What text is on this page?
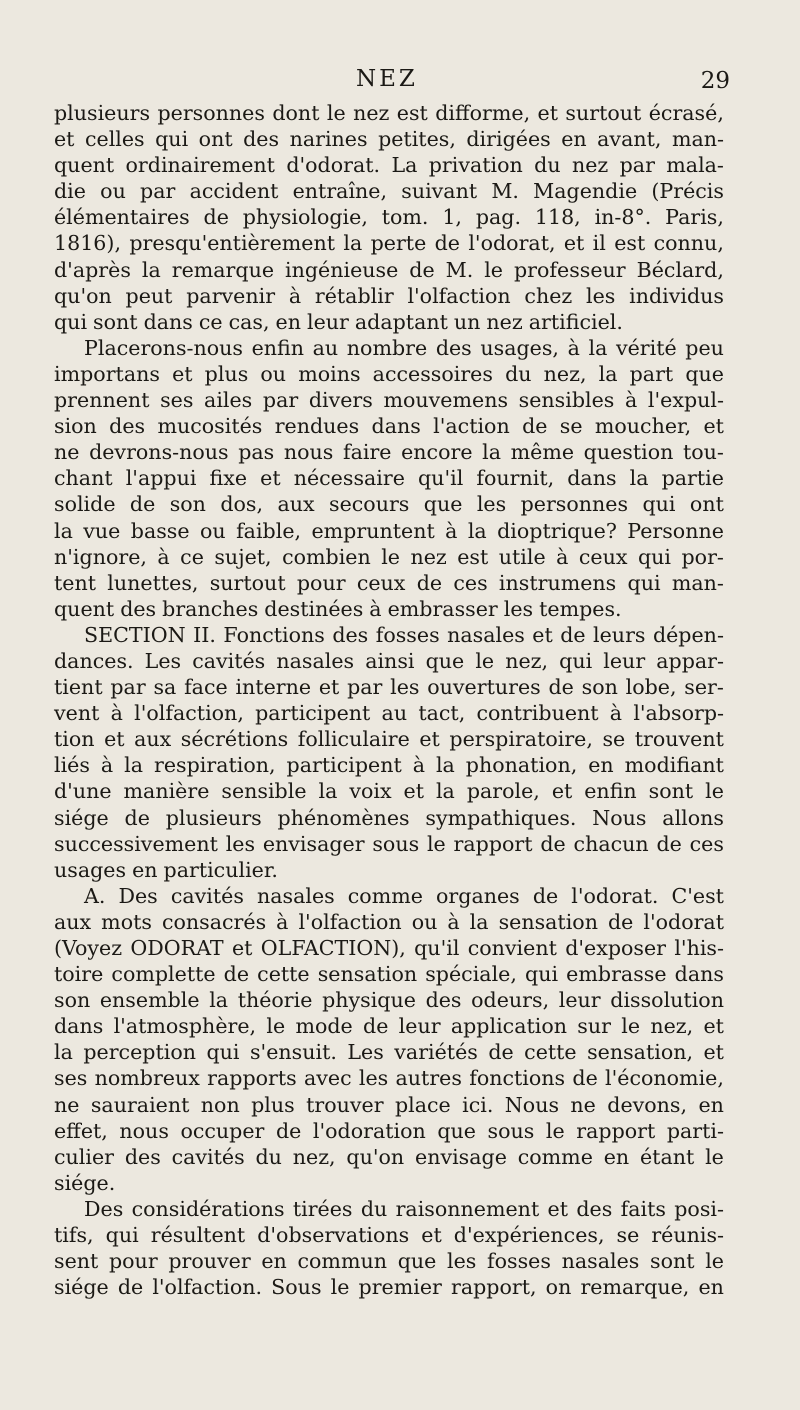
NEZ	29
plusieurs personnes dont le nez est difforme, et surtout écrasé,
et celles qui ont des narines petites, dirigées en avant, man-
quent ordinairement d'odorat. La privation du nez par mala-
die ou par accident entraîne, suivant M. Magendie (Précis
élémentaires de physiologie, tom. 1, pag. 118, in-8°. Paris,
1816), presqu'entièrement la perte de l'odorat, et il est connu,
d'après la remarque ingénieuse de M. le professeur Béclard,
qu'on peut parvenir à rétablir l'olfaction chez les individus
qui sont dans ce cas, en leur adaptant un nez artificiel.
Placerons-nous enfin au nombre des usages, à la vérité peu
importans et plus ou moins accessoires du nez, la part que
prennent ses ailes par divers mouvemens sensibles à l'expul-
sion des mucosités rendues dans l'action de se moucher, et
ne devrons-nous pas nous faire encore la même question tou-
chant l'appui fixe et nécessaire qu'il fournit, dans la partie
solide de son dos, aux secours que les personnes qui ont
la vue basse ou faible, empruntent à la dioptrique? Personne
n'ignore, à ce sujet, combien le nez est utile à ceux qui por-
tent lunettes, surtout pour ceux de ces instrumens qui man-
quent des branches destinées à embrasser les tempes.
SECTION II. Fonctions des fosses nasales et de leurs dépen-
dances. Les cavités nasales ainsi que le nez, qui leur appar-
tient par sa face interne et par les ouvertures de son lobe, ser-
vent à l'olfaction, participent au tact, contribuent à l'absorp-
tion et aux sécrétions folliculaire et perspiratoire, se trouvent
liés à la respiration, participent à la phonation, en modifiant
d'une manière sensible la voix et la parole, et enfin sont le
siége de plusieurs phénomènes sympathiques. Nous allons
successivement les envisager sous le rapport de chacun de ces
usages en particulier.
A. Des cavités nasales comme organes de l'odorat. C'est
aux mots consacrés à l'olfaction ou à la sensation de l'odorat
(Voyez ODORAT et OLFACTION), qu'il convient d'exposer l'his-
toire complette de cette sensation spéciale, qui embrasse dans
son ensemble la théorie physique des odeurs, leur dissolution
dans l'atmosphère, le mode de leur application sur le nez, et
la perception qui s'ensuit. Les variétés de cette sensation, et
ses nombreux rapports avec les autres fonctions de l'économie,
ne sauraient non plus trouver place ici. Nous ne devons, en
effet, nous occuper de l'odoration que sous le rapport parti-
culier des cavités du nez, qu'on envisage comme en étant le
siége.
Des considérations tirées du raisonnement et des faits posi-
tifs, qui résultent d'observations et d'expériences, se réunis-
sent pour prouver en commun que les fosses nasales sont le
siége de l'olfaction. Sous le premier rapport, on remarque, en
